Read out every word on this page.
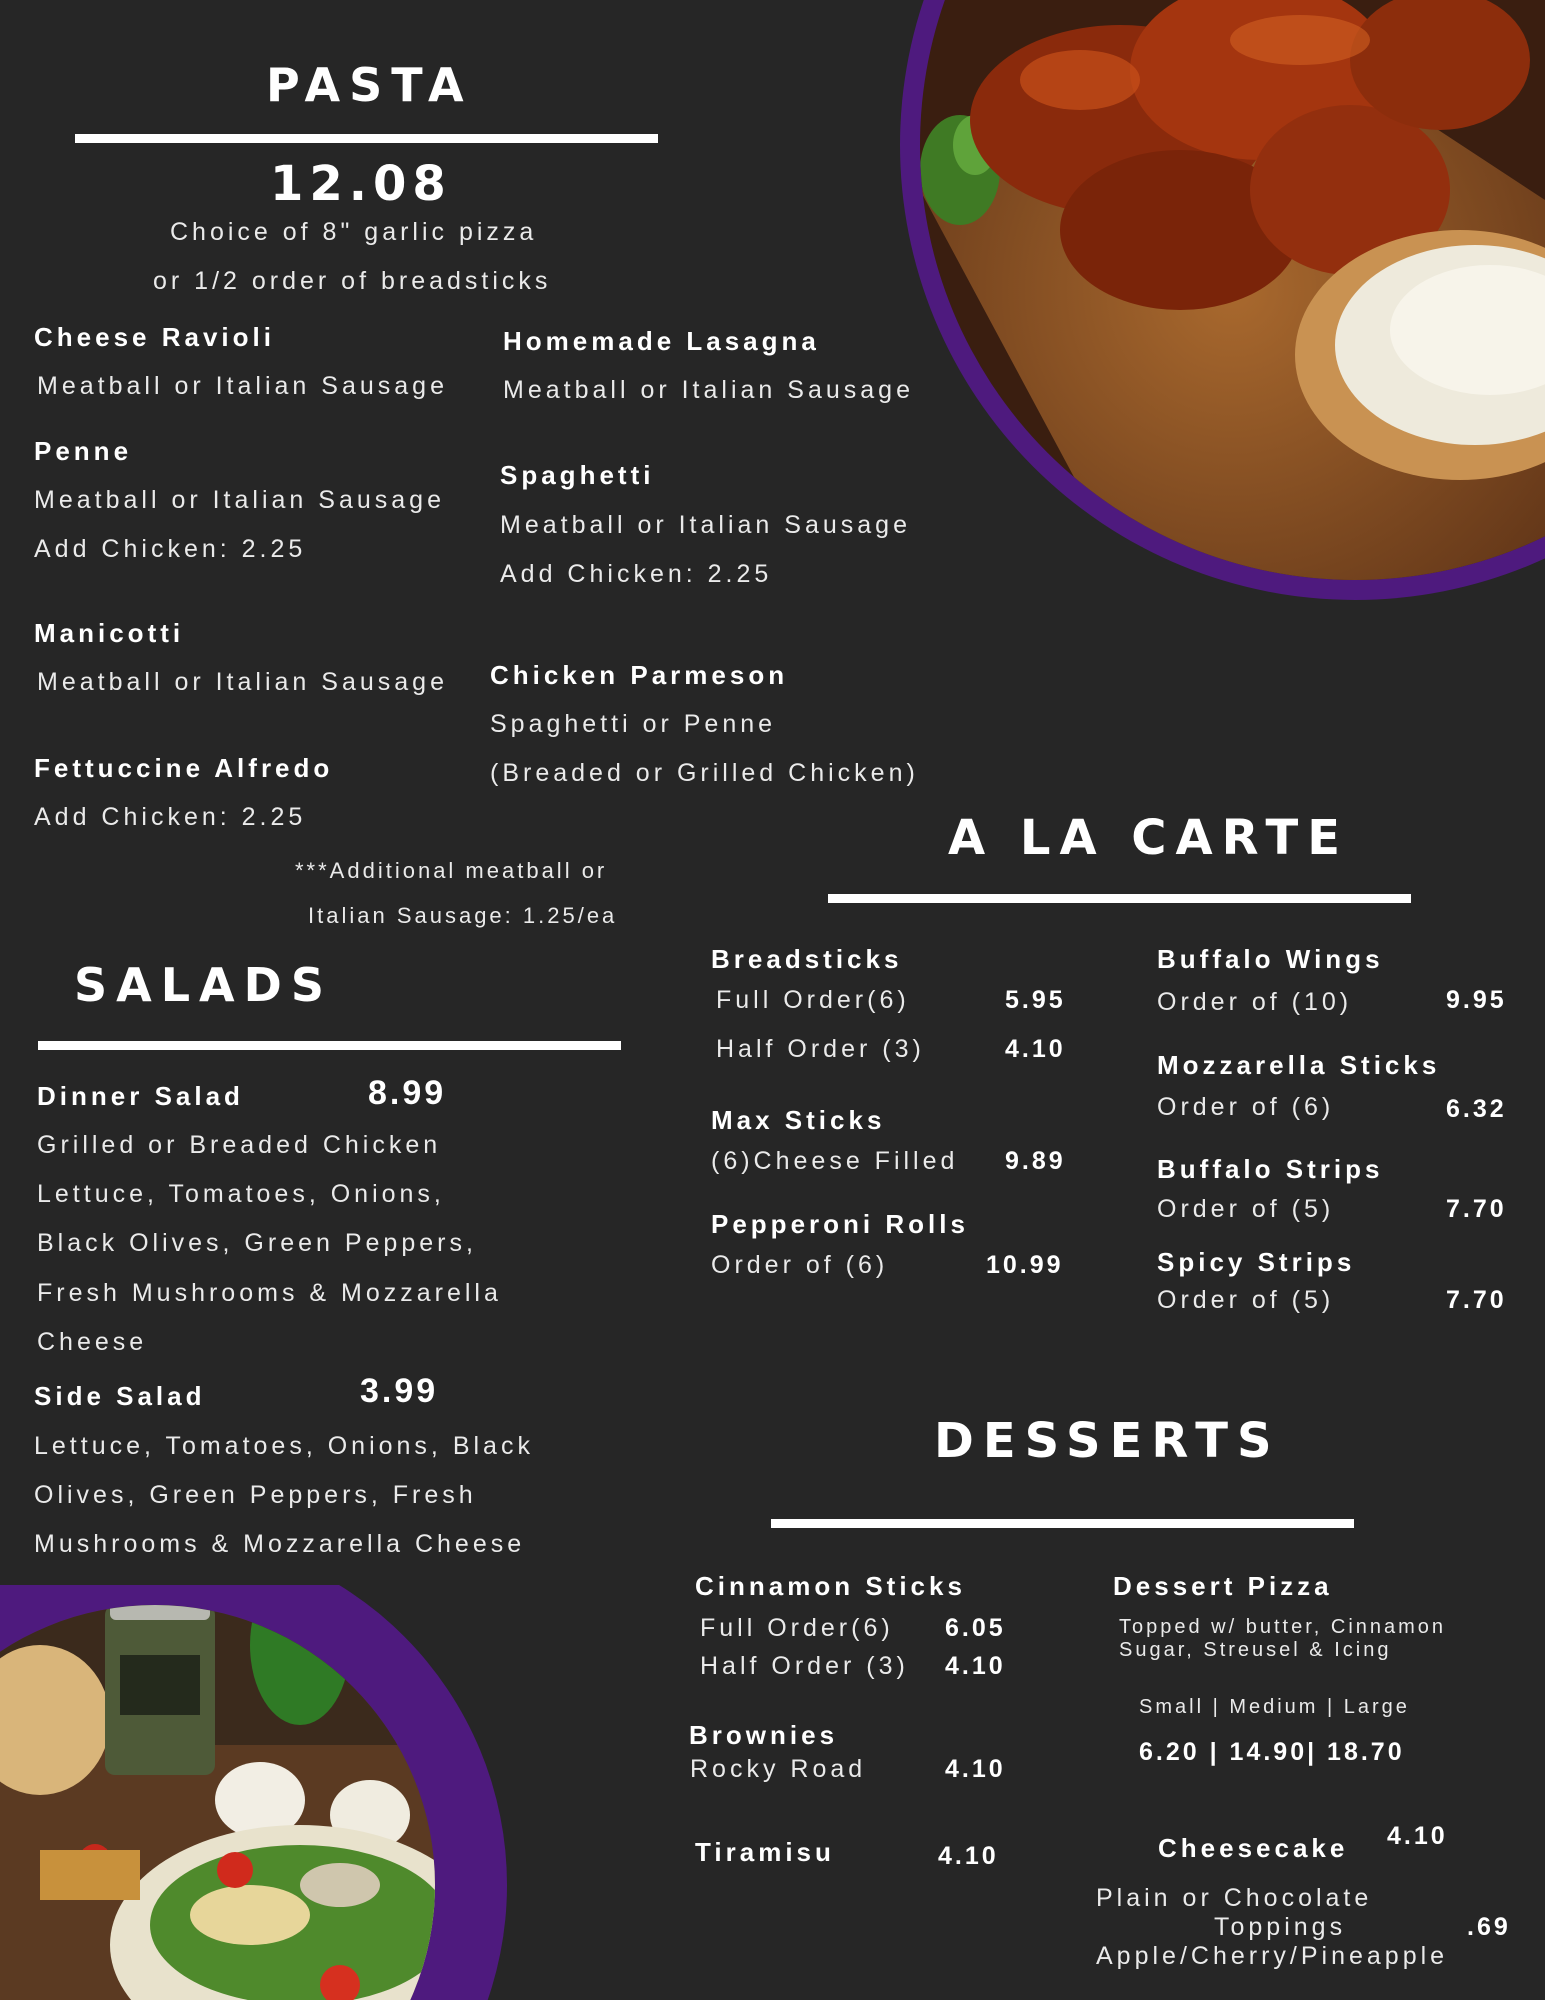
PASTA
12.08
Choice of 8" garlic pizza
or 1/2 order of breadsticks
Cheese Ravioli
Meatball or Italian Sausage
Homemade Lasagna
Meatball or Italian Sausage
Penne
Meatball or Italian Sausage
Add Chicken: 2.25
Spaghetti
Meatball or Italian Sausage
Add Chicken: 2.25
Manicotti
Meatball or Italian Sausage Chicken Parmeson
Spaghetti or Penne
(Breaded or Grilled Chicken)
Fettuccine Alfredo
Add Chicken: 2.25
***Additional meatball or
Italian Sausage: 1.25/ea
SALADS
Dinner Salad	8.99
Grilled or Breaded Chicken
Lettuce, Tomatoes, Onions,
Black Olives, Green Peppers,
Fresh Mushrooms & Mozzarella
Cheese
Side Salad	3.99
Lettuce, Tomatoes, Onions, Black
Olives, Green Peppers, Fresh
Mushrooms & Mozzarella Cheese
A LA CARTE
Breadsticks
Full Order(6)	5.95
Half Order (3)	4.10
Max Sticks
(6)Cheese Filled 9.89
Pepperoni Rolls
Order of (6)	10.99
Buffalo Wings
Order of (10)	9.95
Mozzarella Sticks
Order of (6)	6.32
Buffalo Strips
Order of (5)	7.70
Spicy Strips
Order of (5)	7.70
DESSERTS
Cinnamon Sticks
Full Order(6) 6.05
Half Order (3) 4.10
Brownies
Rocky Road	4.10
Tiramisu	4.10
Dessert Pizza
Topped w/ butter, Cinnamon
Sugar, Streusel & Icing
Small | Medium | Large
6.20 | 14.90| 18.70
Cheesecake 4.10
Plain or Chocolate
Toppings	.69
Apple/Cherry/Pineapple
